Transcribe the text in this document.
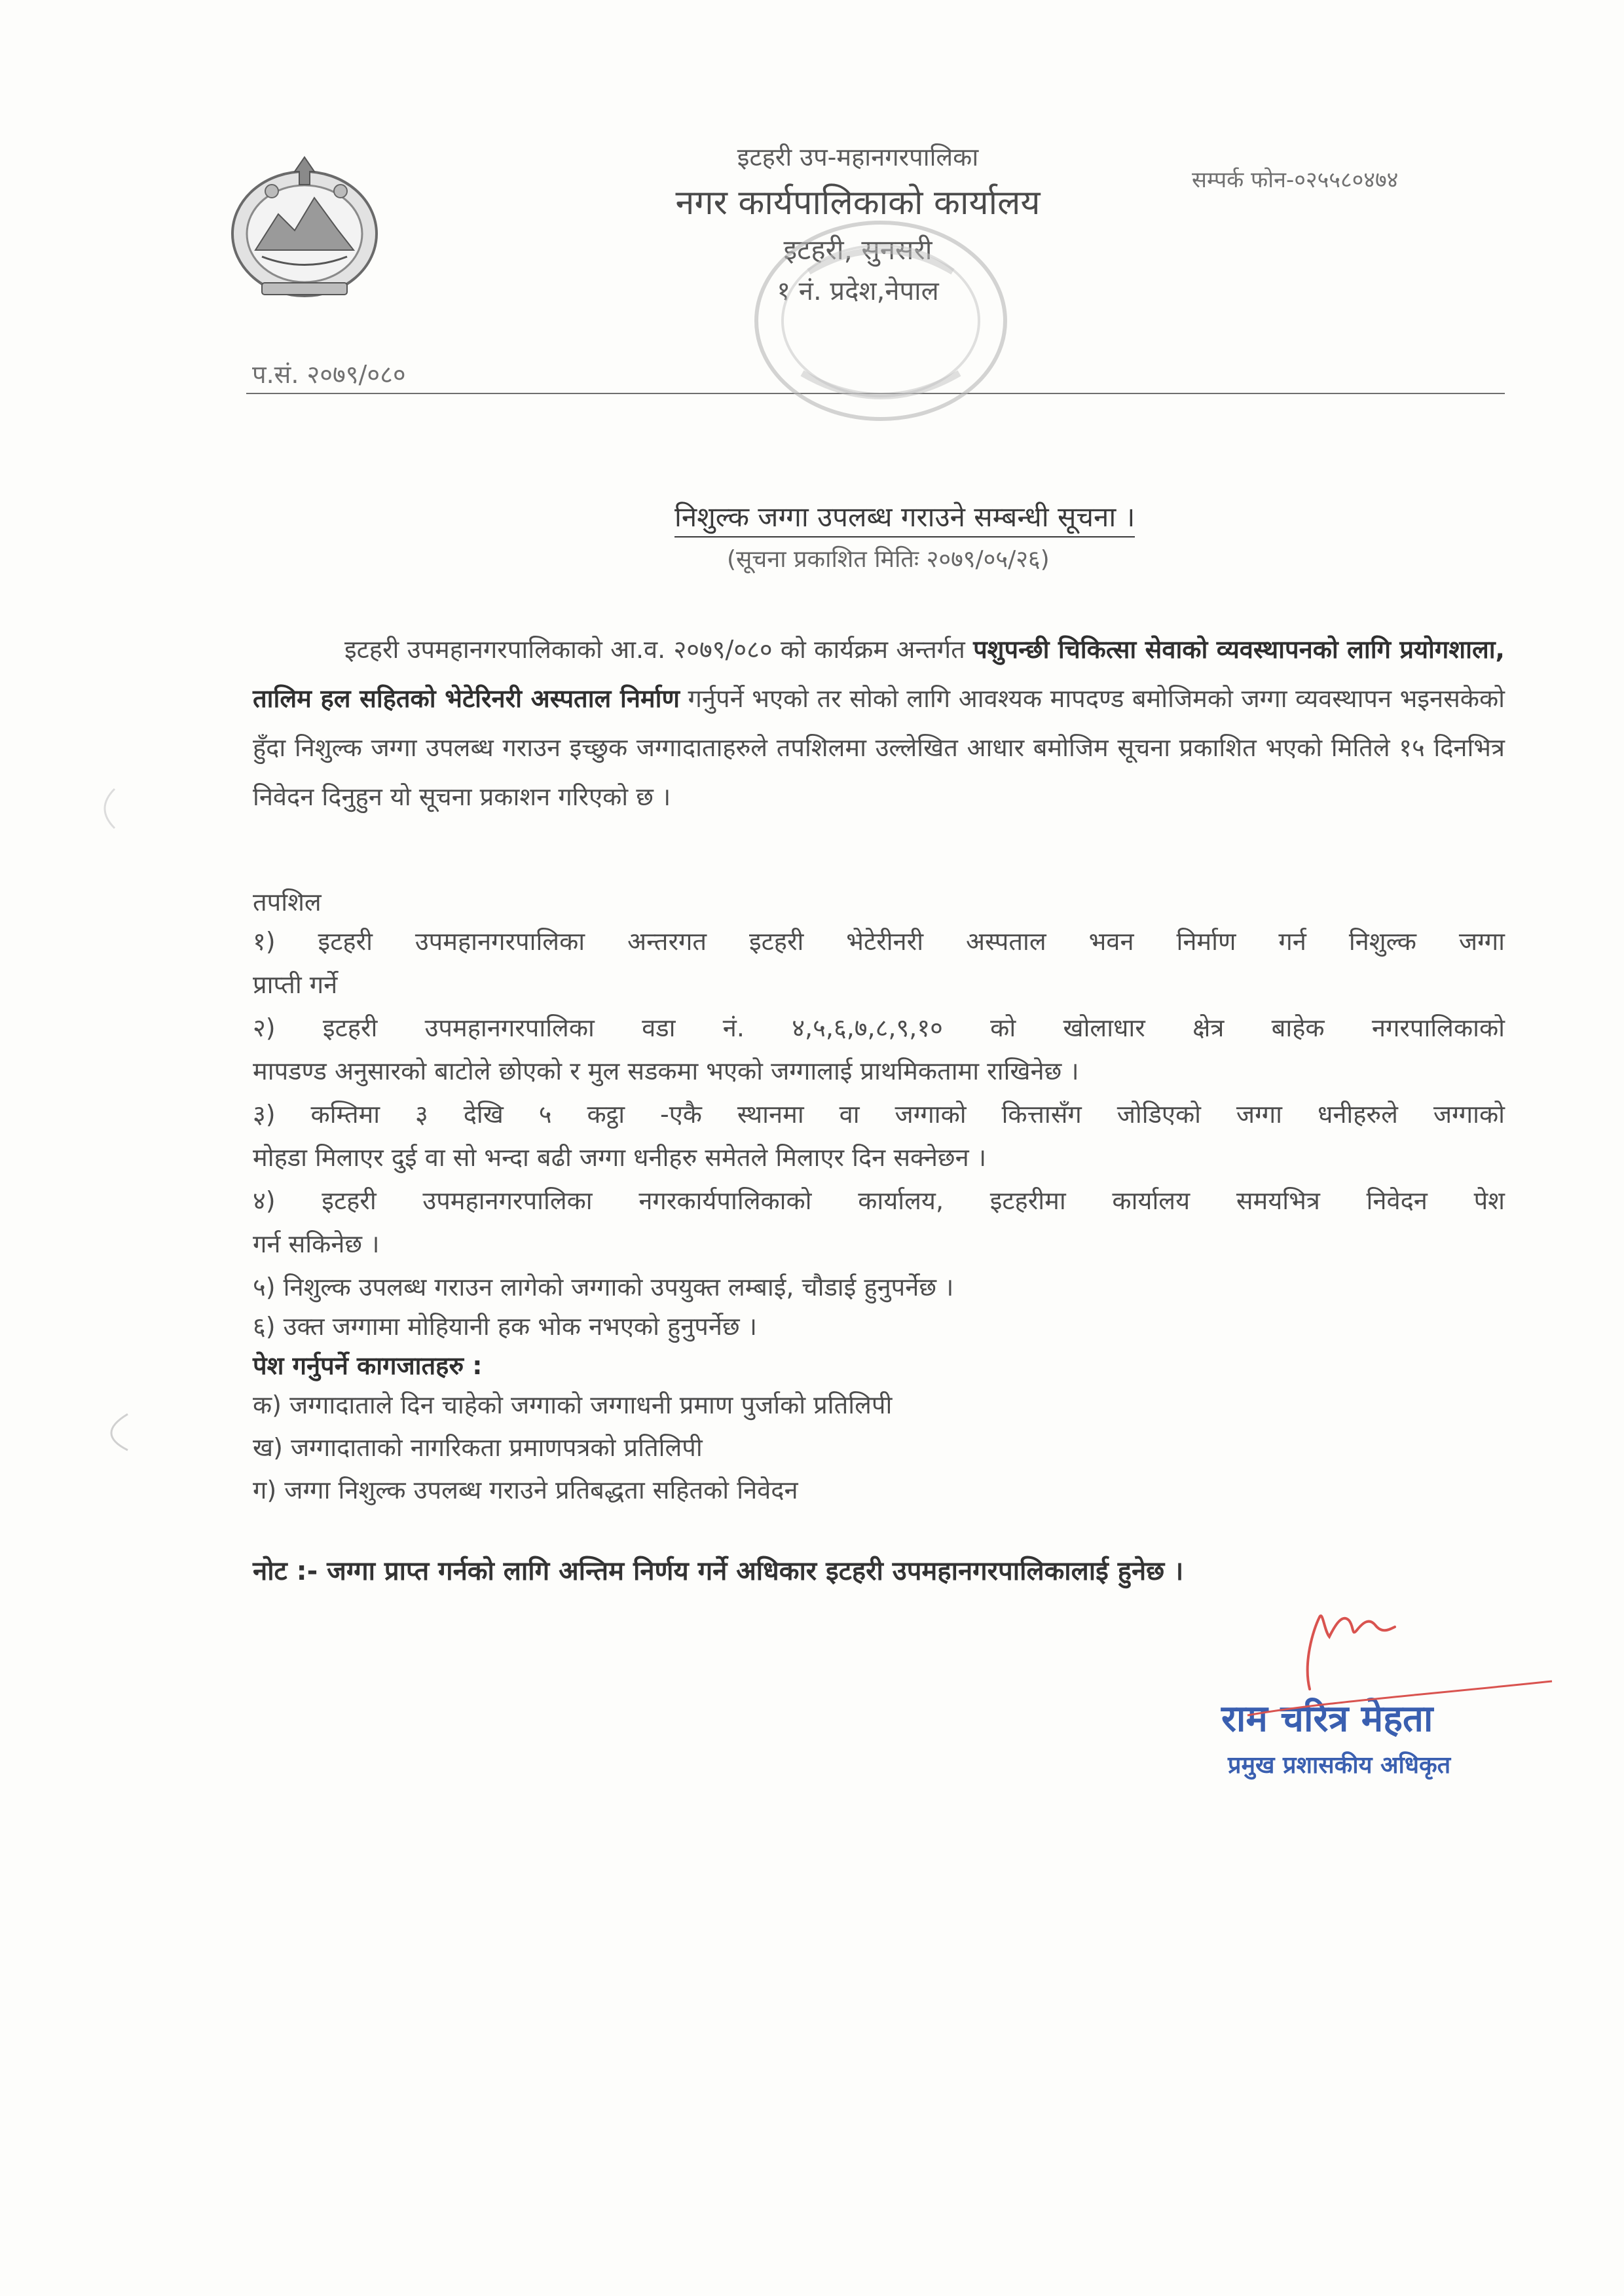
इटहरी उप-महानगरपालिका
नगर कार्यपालिकाको कार्यालय
इटहरी, सुनसरी
१ नं. प्रदेश,नेपाल
सम्पर्क फोन-०२५५८०४७४
प.सं. २०७९/०८०
निशुल्क जग्गा उपलब्ध गराउने सम्बन्धी सूचना ।
(सूचना प्रकाशित मितिः २०७९/०५/२६)
इटहरी उपमहानगरपालिकाको आ.व. २०७९/०८० को कार्यक्रम अन्तर्गत पशुपन्छी चिकित्सा सेवाको व्यवस्थापनको लागि प्रयोगशाला, तालिम हल सहितको भेटेरिनरी अस्पताल निर्माण गर्नुपर्ने भएको तर सोको लागि आवश्यक मापदण्ड बमोजिमको जग्गा व्यवस्थापन भइनसकेको हुँदा निशुल्क जग्गा उपलब्ध गराउन इच्छुक जग्गादाताहरुले तपशिलमा उल्लेखित आधार बमोजिम सूचना प्रकाशित भएको मितिले १५ दिनभित्र निवेदन दिनुहुन यो सूचना प्रकाशन गरिएको छ ।
तपशिल
१) इटहरी उपमहानगरपालिका अन्तरगत इटहरी भेटेरीनरी अस्पताल भवन निर्माण गर्न निशुल्क जग्गा
प्राप्ती गर्ने
२) इटहरी उपमहानगरपालिका वडा नं. ४,५,६,७,८,९,१० को खोलाधार क्षेत्र बाहेक नगरपालिकाको
मापडण्ड अनुसारको बाटोले छोएको र मुल सडकमा भएको जग्गालाई प्राथमिकतामा राखिनेछ ।
३) कम्तिमा ३ देखि ५ कट्ठा -एकै स्थानमा वा जग्गाको कित्तासँग जोडिएको जग्गा धनीहरुले जग्गाको
मोहडा मिलाएर दुई वा सो भन्दा बढी जग्गा धनीहरु समेतले मिलाएर दिन सक्नेछन ।
४) इटहरी उपमहानगरपालिका नगरकार्यपालिकाको कार्यालय, इटहरीमा कार्यालय समयभित्र निवेदन पेश
गर्न सकिनेछ ।
५) निशुल्क उपलब्ध गराउन लागेको जग्गाको उपयुक्त लम्बाई, चौडाई हुनुपर्नेछ ।
६) उक्त जग्गामा मोहियानी हक भोक नभएको हुनुपर्नेछ ।
पेश गर्नुपर्ने कागजातहरु :
क) जग्गादाताले दिन चाहेको जग्गाको जग्गाधनी प्रमाण पुर्जाको प्रतिलिपी
ख) जग्गादाताको नागरिकता प्रमाणपत्रको प्रतिलिपी
ग) जग्गा निशुल्क उपलब्ध गराउने प्रतिबद्धता सहितको निवेदन
नोट :- जग्गा प्राप्त गर्नको लागि अन्तिम निर्णय गर्ने अधिकार इटहरी उपमहानगरपालिकालाई हुनेछ ।
राम चरित्र मेहता
प्रमुख प्रशासकीय अधिकृत
